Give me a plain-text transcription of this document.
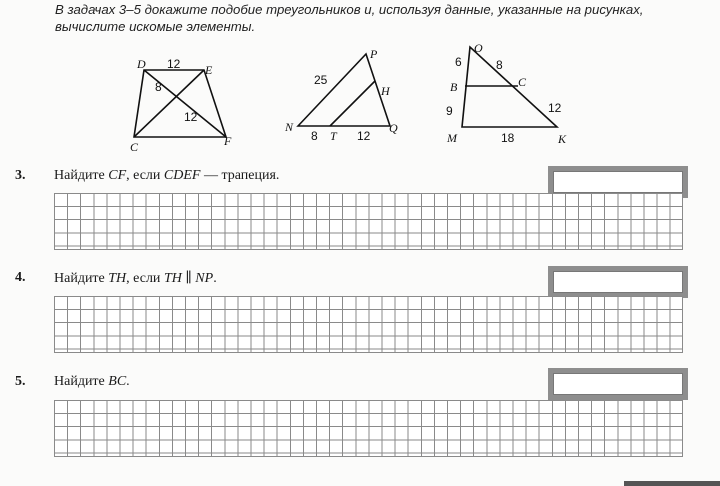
В задачах 3–5 докажите подобие треугольников и, используя данные, указанные на рисунках, вычислите искомые элементы.
D	E
C	F
12
8
12
P
H
N
T
Q
25
8	12
O
B	C
M	K
6	8
9	12
18
3. Найдите CF, если CDEF — трапеция.
4. Найдите TH, если TH ∥ NP.
5. Найдите BC.
